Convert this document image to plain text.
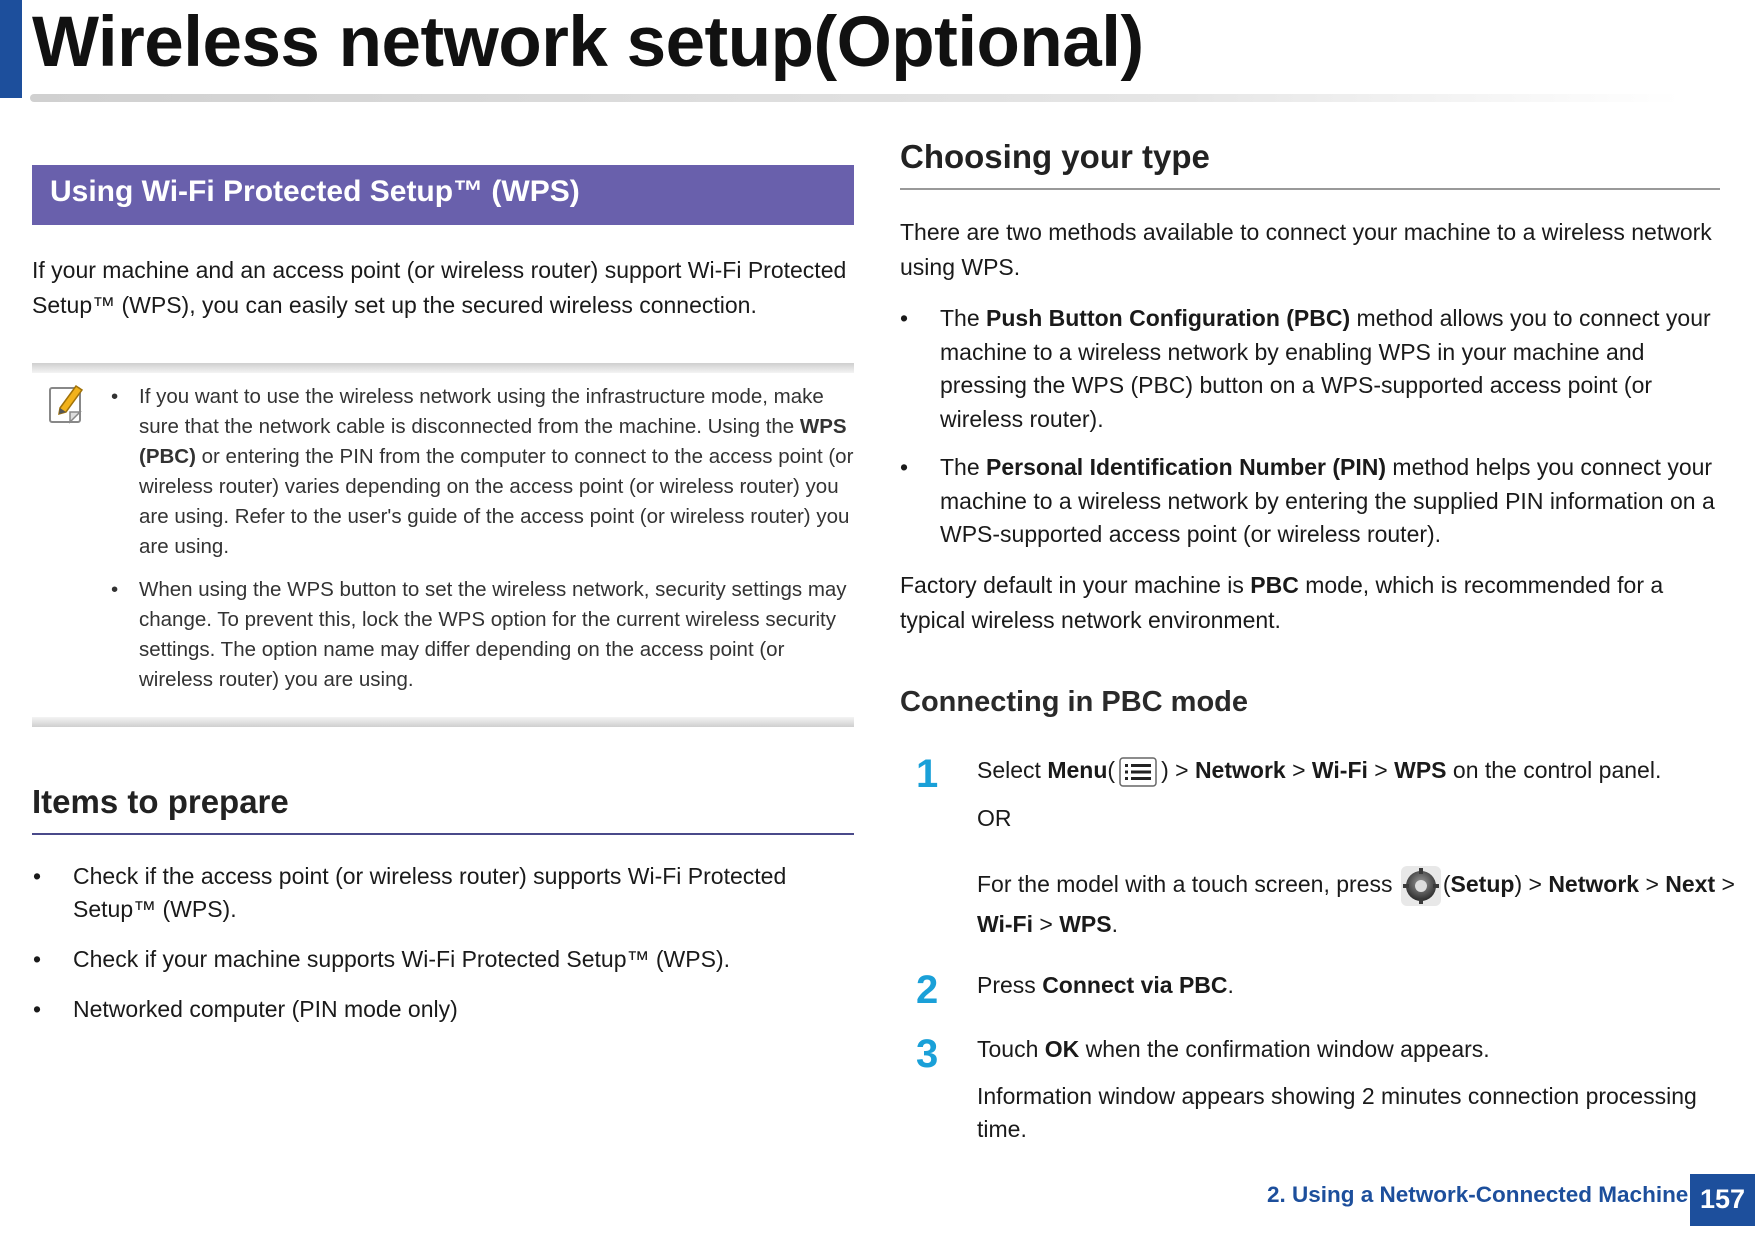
Wireless network setup(Optional)
Using Wi-Fi Protected Setup™ (WPS)
If your machine and an access point (or wireless router) support Wi-Fi Protected Setup™ (WPS), you can easily set up the secured wireless connection.
• If you want to use the wireless network using the infrastructure mode, make sure that the network cable is disconnected from the machine. Using the WPS (PBC) or entering the PIN from the computer to connect to the access point (or wireless router) varies depending on the access point (or wireless router) you are using. Refer to the user's guide of the access point (or wireless router) you are using.
• When using the WPS button to set the wireless network, security settings may change. To prevent this, lock the WPS option for the current wireless security settings. The option name may differ depending on the access point (or wireless router) you are using.
Items to prepare
• Check if the access point (or wireless router) supports Wi-Fi Protected Setup™ (WPS).
• Check if your machine supports Wi-Fi Protected Setup™ (WPS).
• Networked computer (PIN mode only)
Choosing your type
There are two methods available to connect your machine to a wireless network using WPS.
• The Push Button Configuration (PBC) method allows you to connect your machine to a wireless network by enabling WPS in your machine and pressing the WPS (PBC) button on a WPS-supported access point (or wireless router).
• The Personal Identification Number (PIN) method helps you connect your machine to a wireless network by entering the supplied PIN information on a WPS-supported access point (or wireless router).
Factory default in your machine is PBC mode, which is recommended for a typical wireless network environment.
Connecting in PBC mode
1 Select Menu( ) > Network > Wi-Fi > WPS on the control panel.
OR
For the model with a touch screen, press (Setup) > Network > Next > Wi-Fi > WPS.
2 Press Connect via PBC.
3 Touch OK when the confirmation window appears.
Information window appears showing 2 minutes connection processing time.
2. Using a Network-Connected Machine 157
